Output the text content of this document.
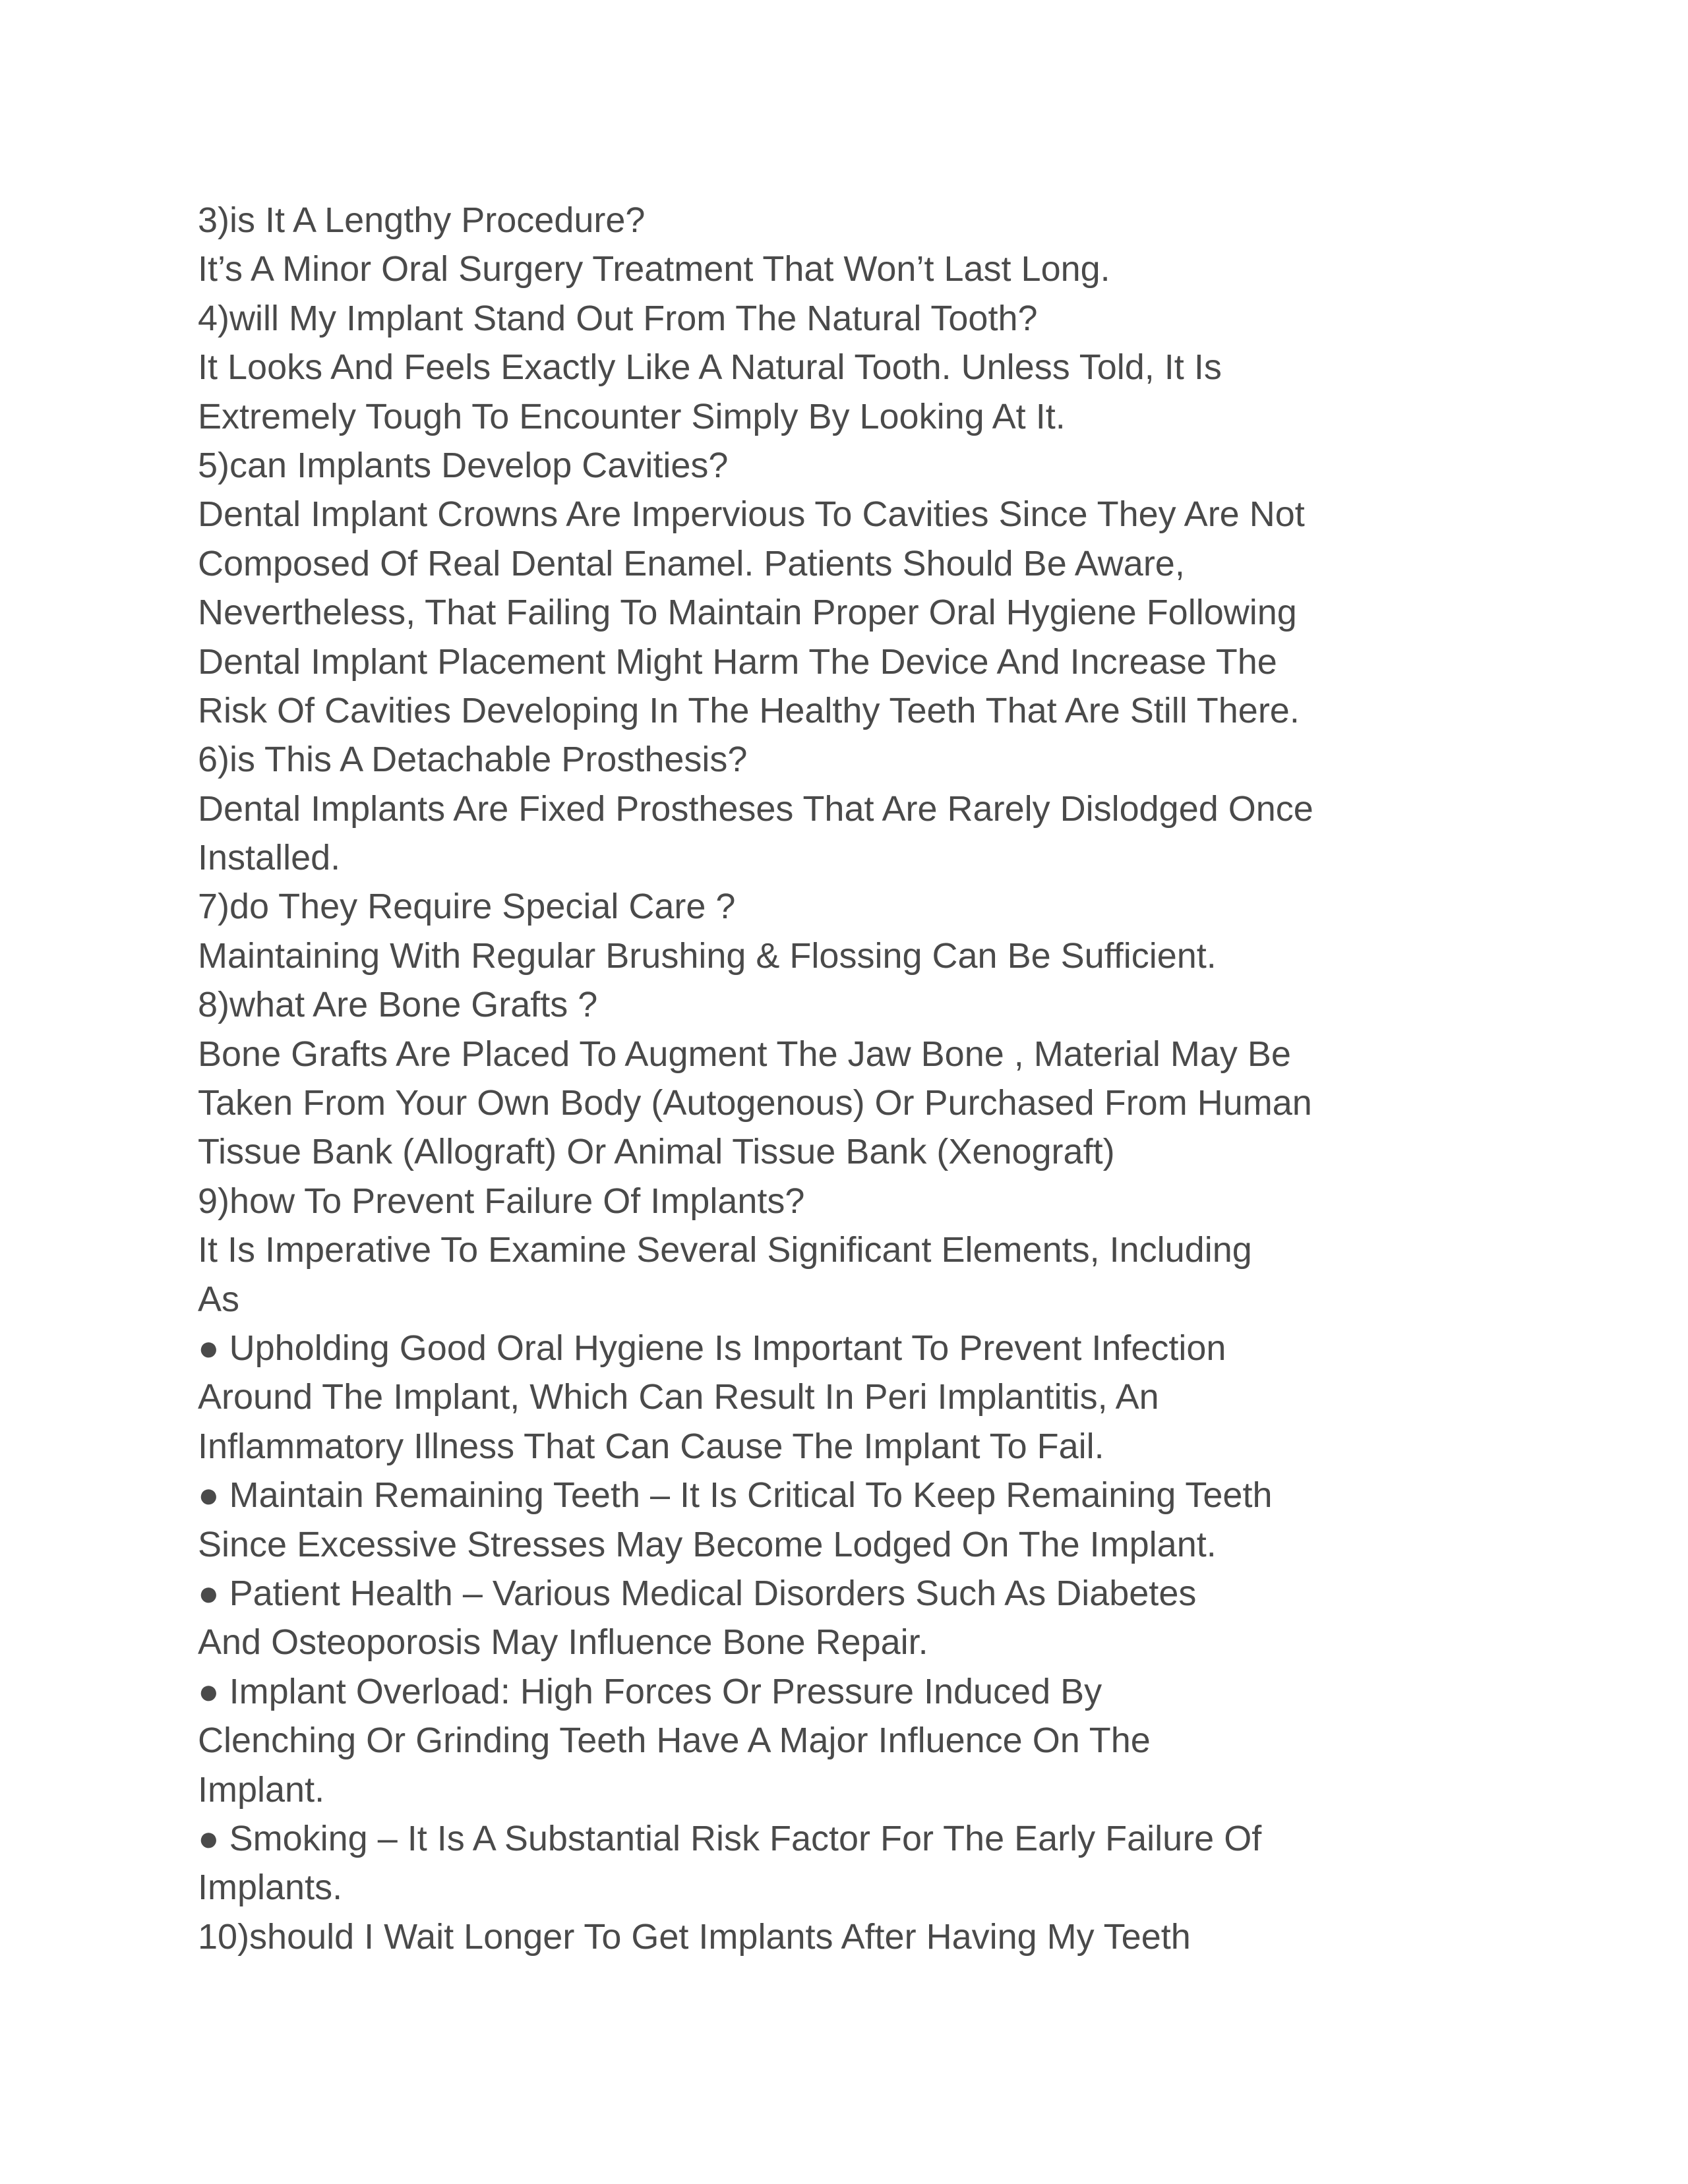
3)is It A Lengthy Procedure?
It’s A Minor Oral Surgery Treatment That Won’t Last Long.
4)will My Implant Stand Out From The Natural Tooth?
It Looks And Feels Exactly Like A Natural Tooth. Unless Told, It Is
Extremely Tough To Encounter Simply By Looking At It.
5)can Implants Develop Cavities?
Dental Implant Crowns Are Impervious To Cavities Since They Are Not
Composed Of Real Dental Enamel. Patients Should Be Aware,
Nevertheless, That Failing To Maintain Proper Oral Hygiene Following
Dental Implant Placement Might Harm The Device And Increase The
Risk Of Cavities Developing In The Healthy Teeth That Are Still There.
6)is This A Detachable Prosthesis?
Dental Implants Are Fixed Prostheses That Are Rarely Dislodged Once
Installed.
7)do They Require Special Care ?
Maintaining With Regular Brushing & Flossing Can Be Sufficient.
8)what Are Bone Grafts ?
Bone Grafts Are Placed To Augment The Jaw Bone , Material May Be
Taken From Your Own Body (Autogenous) Or Purchased From Human
Tissue Bank (Allograft) Or Animal Tissue Bank (Xenograft)
9)how To Prevent Failure Of Implants?
It Is Imperative To Examine Several Significant Elements, Including
As
● Upholding Good Oral Hygiene Is Important To Prevent Infection
Around The Implant, Which Can Result In Peri Implantitis, An
Inflammatory Illness That Can Cause The Implant To Fail.
● Maintain Remaining Teeth – It Is Critical To Keep Remaining Teeth
Since Excessive Stresses May Become Lodged On The Implant.
● Patient Health – Various Medical Disorders Such As Diabetes
And Osteoporosis May Influence Bone Repair.
● Implant Overload: High Forces Or Pressure Induced By
Clenching Or Grinding Teeth Have A Major Influence On The
Implant.
● Smoking – It Is A Substantial Risk Factor For The Early Failure Of
Implants.
10)should I Wait Longer To Get Implants After Having My Teeth
